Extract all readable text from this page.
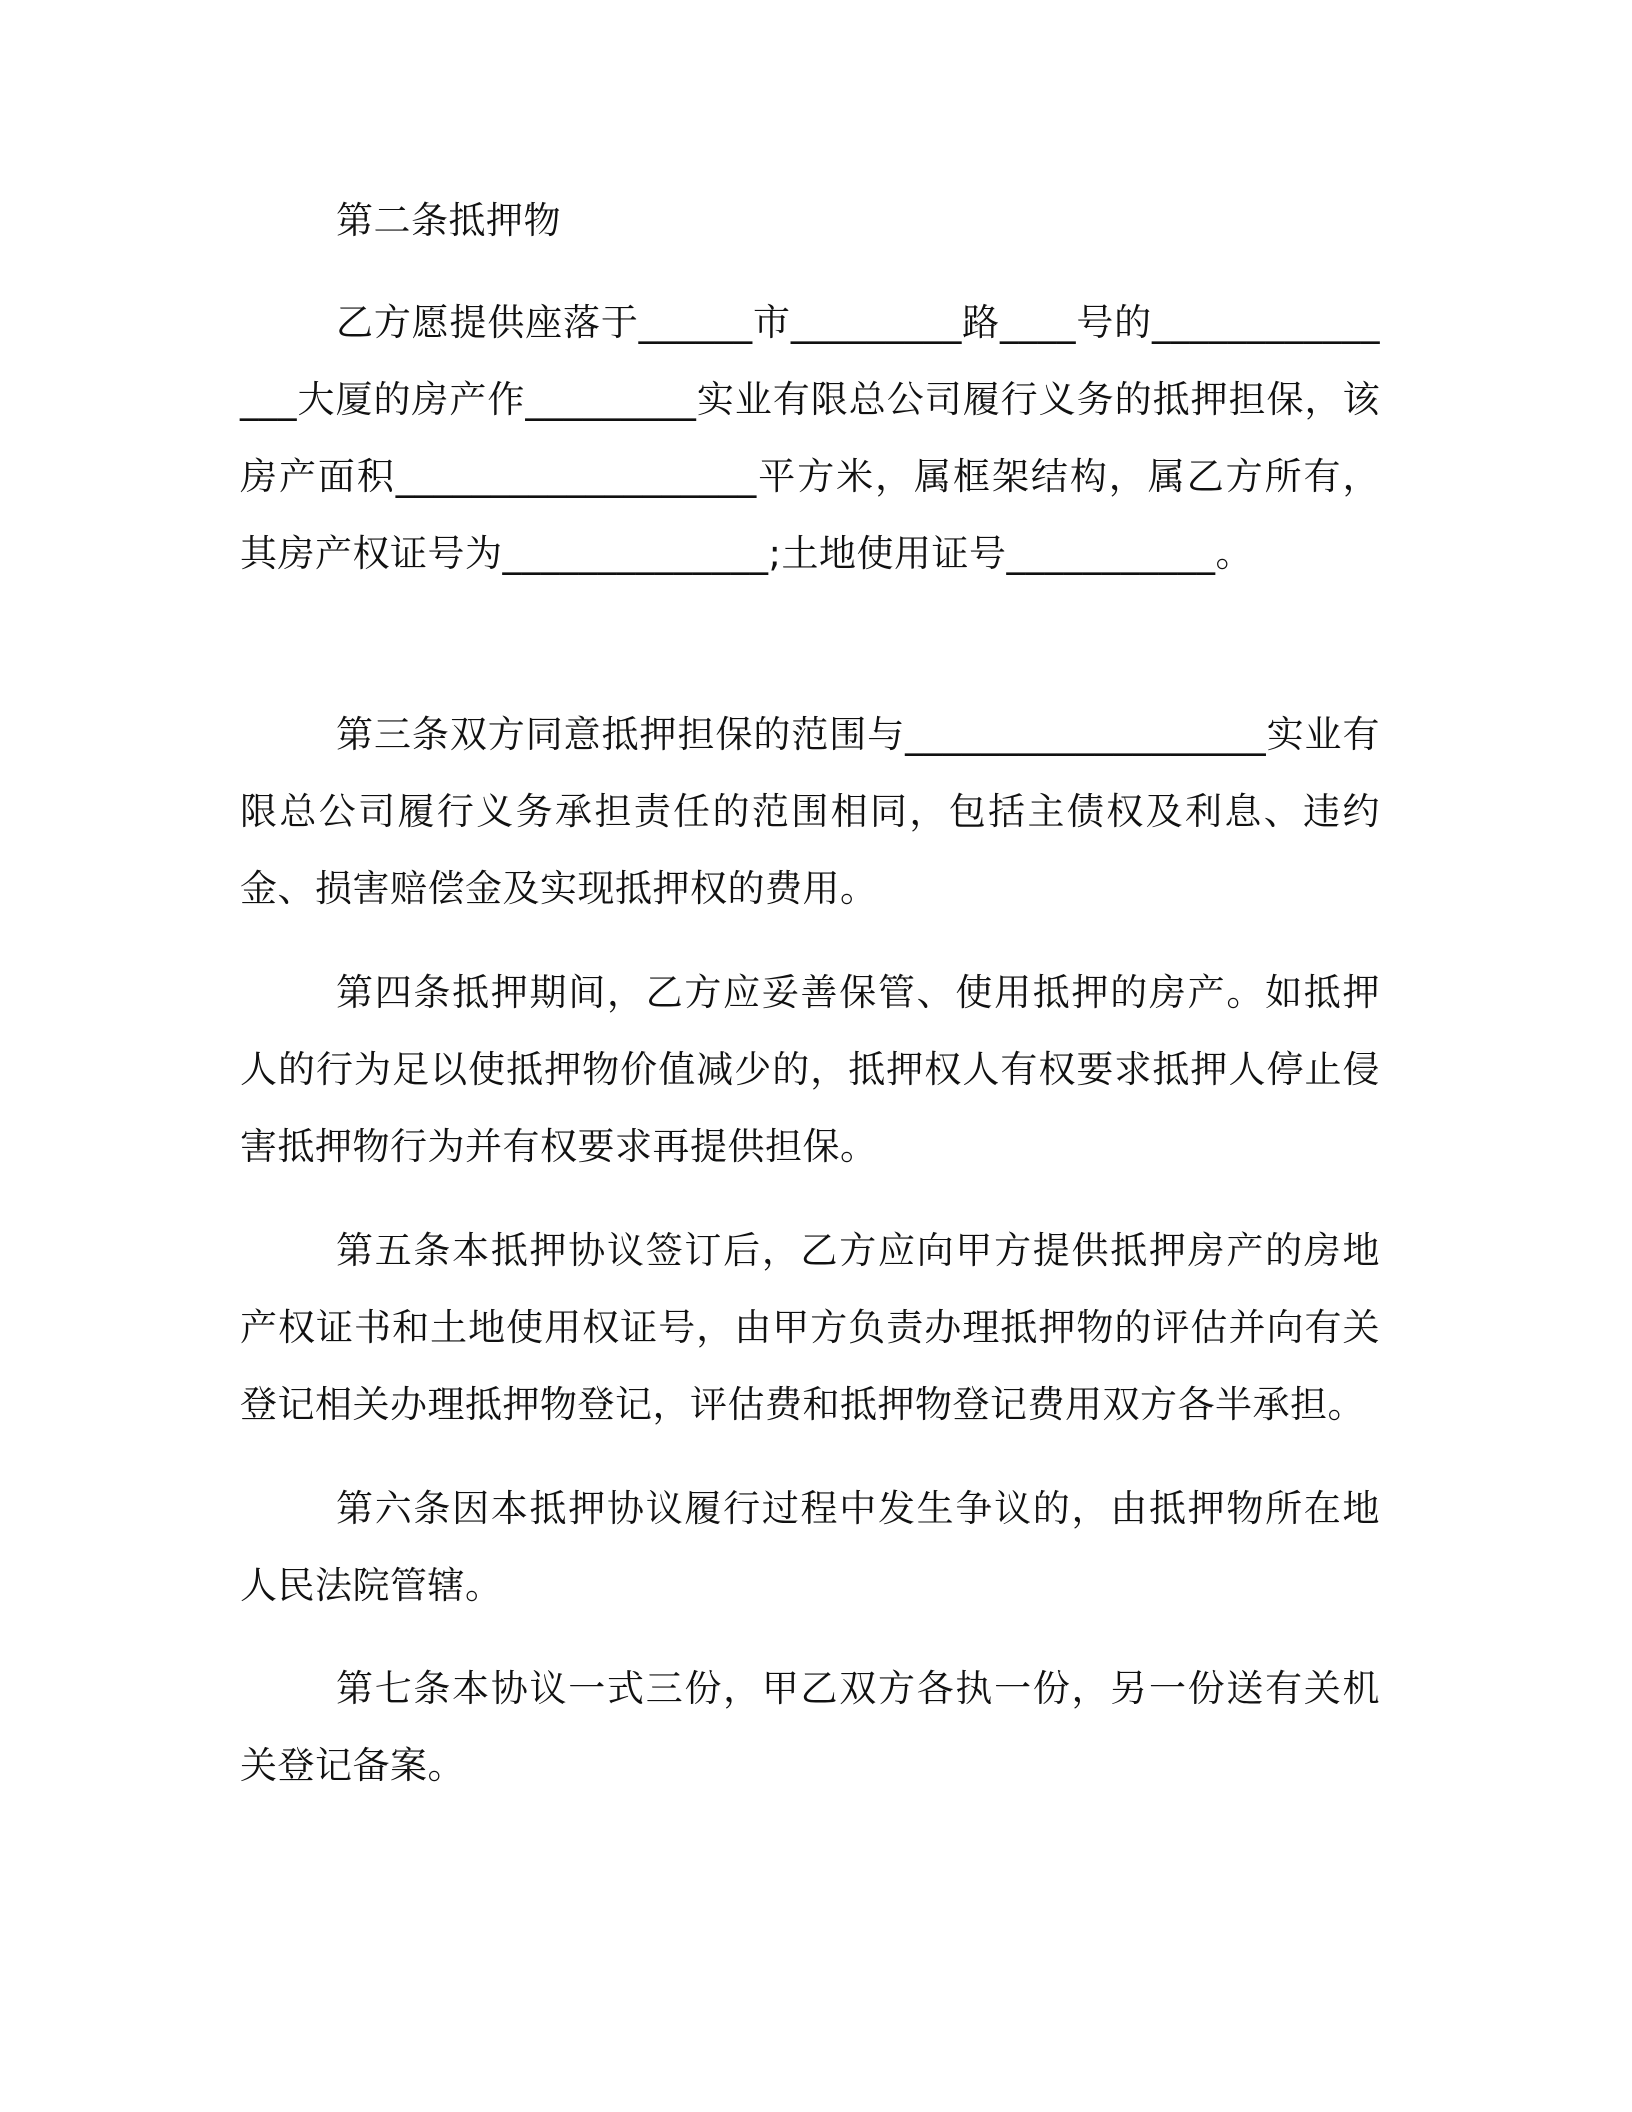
第二条抵押物

乙方愿提供座落于______市_________路____号的_______________大厦的房产作_________实业有限总公司履行义务的抵押担保，该房产面积___________________平方米，属框架结构，属乙方所有，其房产权证号为______________;土地使用证号___________。

第三条双方同意抵押担保的范围与___________________实业有限总公司履行义务承担责任的范围相同，包括主债权及利息、违约金、损害赔偿金及实现抵押权的费用。

第四条抵押期间，乙方应妥善保管、使用抵押的房产。如抵押人的行为足以使抵押物价值减少的，抵押权人有权要求抵押人停止侵害抵押物行为并有权要求再提供担保。

第五条本抵押协议签订后，乙方应向甲方提供抵押房产的房地产权证书和土地使用权证号，由甲方负责办理抵押物的评估并向有关登记相关办理抵押物登记，评估费和抵押物登记费用双方各半承担。

第六条因本抵押协议履行过程中发生争议的，由抵押物所在地人民法院管辖。

第七条本协议一式三份，甲乙双方各执一份，另一份送有关机关登记备案。
